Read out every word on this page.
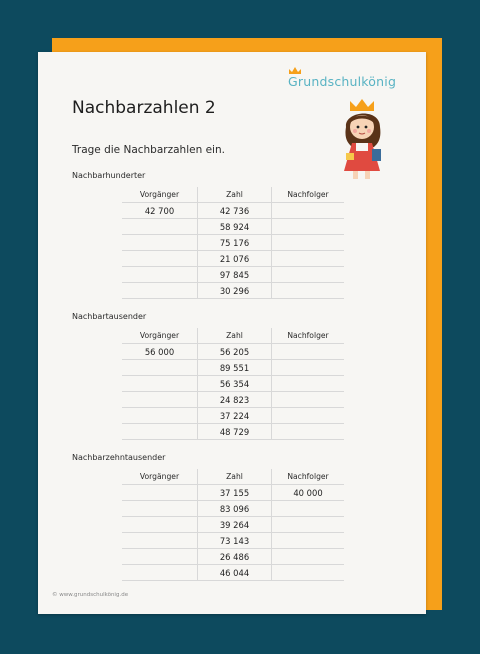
Grundschulkönig
Nachbarzahlen 2
Trage die Nachbarzahlen ein.
Nachbarhunderter
Vorgänger	Zahl	Nachfolger
42 700	42 736	
	58 924	
	75 176	
	21 076	
	97 845	
	30 296	
Nachbartausender
Vorgänger	Zahl	Nachfolger
56 000	56 205	
	89 551	
	56 354	
	24 823	
	37 224	
	48 729	
Nachbarzehntausender
Vorgänger	Zahl	Nachfolger
	37 155	40 000
	83 096	
	39 264	
	73 143	
	26 486	
	46 044	
© www.grundschulkönig.de
